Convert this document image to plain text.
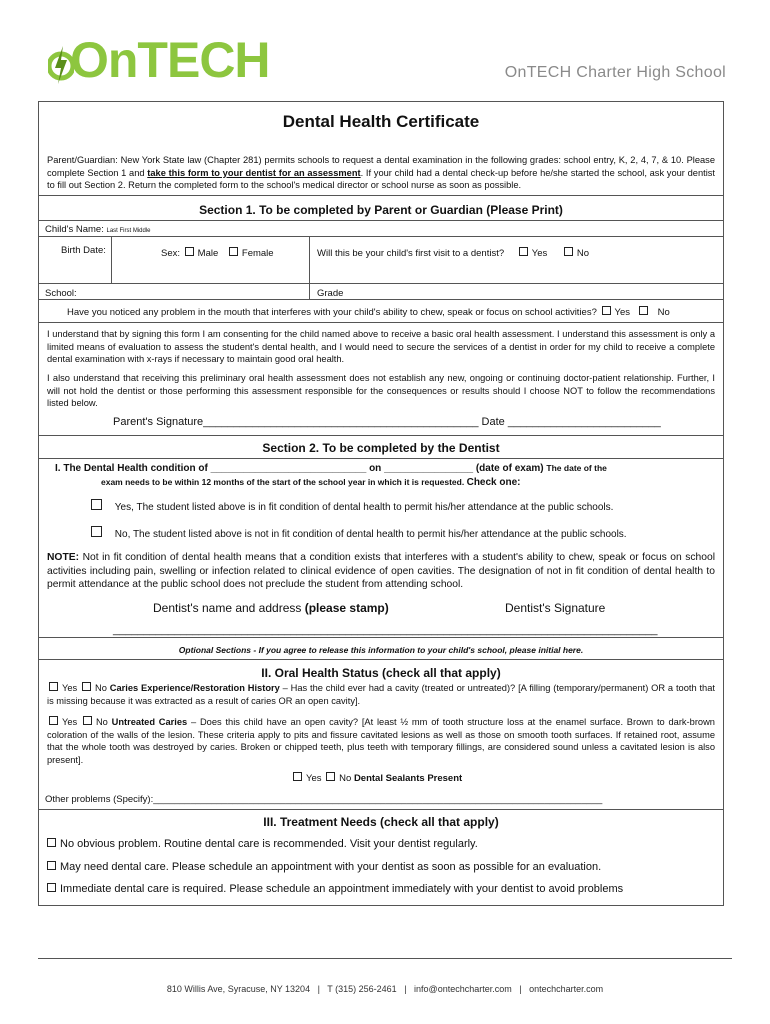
OnTECH	OnTECH Charter High School
Dental Health Certificate
Parent/Guardian: New York State law (Chapter 281) permits schools to request a dental examination in the following grades: school entry, K, 2, 4, 7, & 10. Please complete Section 1 and take this form to your dentist for an assessment. If your child had a dental check-up before he/she started the school, ask your dentist to fill out Section 2. Return the completed form to the school's medical director or school nurse as soon as possible.
Section 1. To be completed by Parent or Guardian (Please Print)
Child's Name: Last First Middle
Birth Date:	Sex: Male Female	Will this be your child's first visit to a dentist?	Yes	No
School:	Grade
Have you noticed any problem in the mouth that interferes with your child's ability to chew, speak or focus on school activities? Yes	No
I understand that by signing this form I am consenting for the child named above to receive a basic oral health assessment. I understand this assessment is only a limited means of evaluation to assess the student's dental health, and I would need to secure the services of a dentist in order for my child to receive a complete dental examination with x-rays if necessary to maintain good oral health.
I also understand that receiving this preliminary oral health assessment does not establish any new, ongoing or continuing doctor-patient relationship. Further, I will not hold the dentist or those performing this assessment responsible for the consequences or results should I choose NOT to follow the recommendations listed below.
Parent's Signature_____________________________________________ Date _________________________
Section 2. To be completed by the Dentist
I. The Dental Health condition of ____________________________ on ________________ (date of exam) The date of the
exam needs to be within 12 months of the start of the school year in which it is requested. Check one:
Yes, The student listed above is in fit condition of dental health to permit his/her attendance at the public schools.
No, The student listed above is not in fit condition of dental health to permit his/her attendance at the public schools.
NOTE: Not in fit condition of dental health means that a condition exists that interferes with a student's ability to chew, speak or focus on school activities including pain, swelling or infection related to clinical evidence of open cavities. The designation of not in fit condition of dental health to permit attendance at the public school does not preclude the student from attending school.
Dentist's name and address (please stamp)	Dentist's Signature
_________________________________________________________________________________________
Optional Sections - If you agree to release this information to your child's school, please initial here.
II. Oral Health Status (check all that apply)
Yes No Caries Experience/Restoration History – Has the child ever had a cavity (treated or untreated)? [A filling (temporary/permanent) OR a tooth that is missing because it was extracted as a result of caries OR an open cavity].
Yes No Untreated Caries – Does this child have an open cavity? [At least ½ mm of tooth structure loss at the enamel surface. Brown to dark-brown coloration of the walls of the lesion. These criteria apply to pits and fissure cavitated lesions as well as those on smooth tooth surfaces. If retained root, assume that the whole tooth was destroyed by caries. Broken or chipped teeth, plus teeth with temporary fillings, are considered sound unless a cavitated lesion is also present].
Yes No Dental Sealants Present
Other problems (Specify):_____________________________________________________________________________________
III. Treatment Needs (check all that apply)
No obvious problem. Routine dental care is recommended. Visit your dentist regularly.
May need dental care. Please schedule an appointment with your dentist as soon as possible for an evaluation.
Immediate dental care is required. Please schedule an appointment immediately with your dentist to avoid problems
810 Willis Ave, Syracuse, NY 13204 | T (315) 256-2461 | info@ontechcharter.com | ontechcharter.com
